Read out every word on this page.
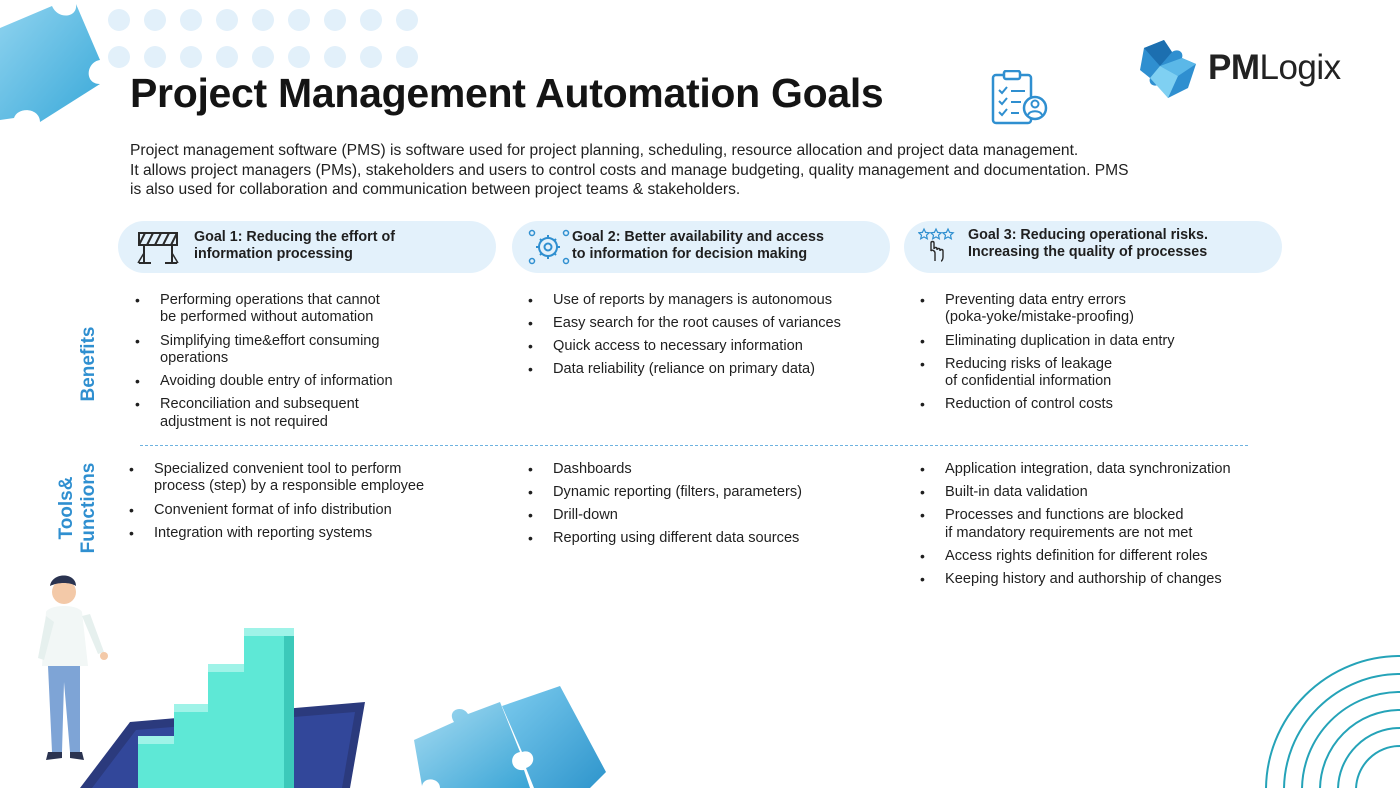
Project Management Automation Goals
PMLogix

Project management software (PMS) is software used for project planning, scheduling, resource allocation and project data management.

It allows project managers (PMs), stakeholders and users to control costs and manage budgeting, quality management and documentation. PMS

is also used for collaboration and communication between project teams & stakeholders.

Goal 1: Reducing the effort of
information processing
Goal 2: Better availability and access
to information for decision making
Goal 3: Reducing operational risks.
Increasing the quality of processes
Benefits
Tools& Functions
• Performing operations that cannot
be performed without automation
• Simplifying time&effort consuming
operations
• Avoiding double entry of information
• Reconciliation and subsequent
adjustment is not required
• Use of reports by managers is autonomous
• Easy search for the root causes of variances
• Quick access to necessary information
• Data reliability (reliance on primary data)
• Preventing data entry errors
(poka-yoke/mistake-proofing)
• Eliminating duplication in data entry
• Reducing risks of leakage
of confidential information
• Reduction of control costs
• Specialized convenient tool to perform
process (step) by a responsible employee
• Convenient format of info distribution
• Integration with reporting systems
• Dashboards
• Dynamic reporting (filters, parameters)
• Drill-down
• Reporting using different data sources
• Application integration, data synchronization
• Built-in data validation
• Processes and functions are blocked
if mandatory requirements are not met
• Access rights definition for different roles
• Keeping history and authorship of changes
